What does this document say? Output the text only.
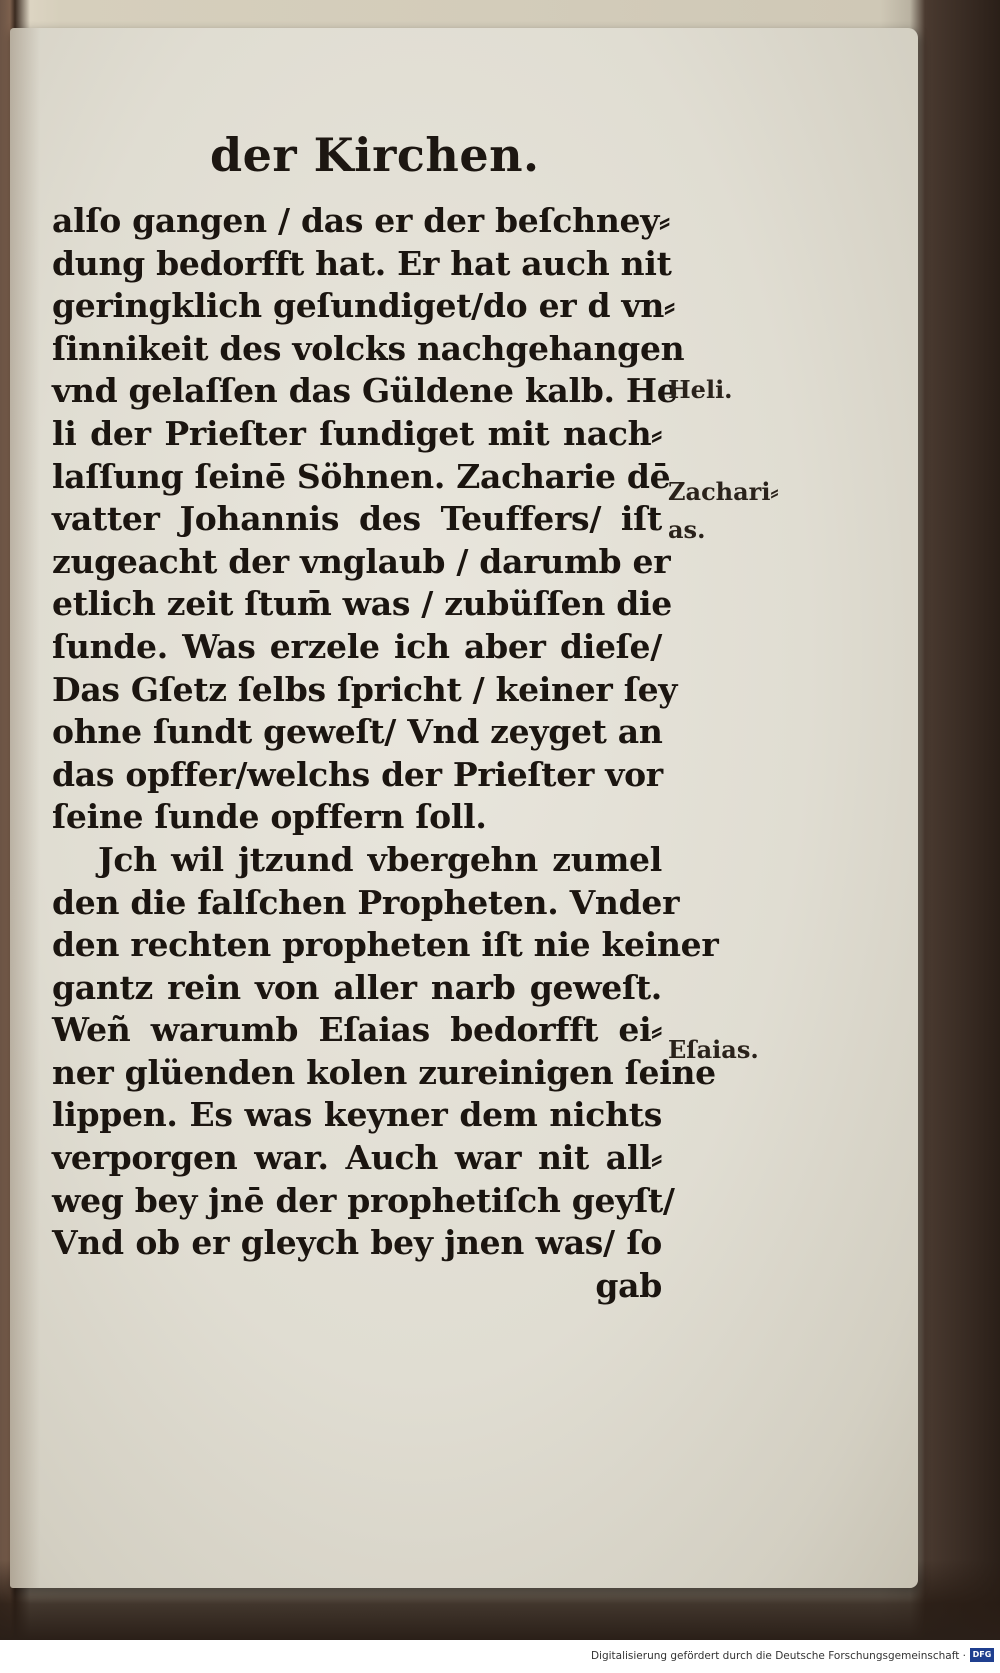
der Kirchen.
alſo gangen / das er der beſchney⸗
dung bedorfft hat. Er hat auch nit
geringklich geſundiget/do er d vn⸗
ſinnikeit des volcks nachgehangen
vnd gelaſſen das Güldene kalb. He
li der Prieſter ſundiget mit nach⸗
laſſung ſeinē Söhnen. Zacharie dē
vatter Johannis des Teuffers/ iſt
zugeacht der vnglaub / darumb er
etlich zeit ſtum̄ was / zubüſſen die
ſunde. Was erzele ich aber dieſe/
Das Gſetz ſelbs ſpricht / keiner ſey
ohne ſundt geweſt/ Vnd zeyget an
das opffer/welchs der Prieſter vor
ſeine ſunde opffern ſoll.
Jch wil jtzund vbergehn zumel
den die falſchen Propheten. Vnder
den rechten propheten iſt nie keiner
gantz rein von aller narb geweſt.
Weñ warumb Eſaias bedorfft ei⸗
ner glüenden kolen zureinigen ſeine
lippen. Es was keyner dem nichts
verporgen war. Auch war nit all⸗
weg bey jnē der prophetiſch geyſt/
Vnd ob er gleych bey jnen was/ ſo
gab
Heli.
Zachari⸗
as.
Eſaias.
Digitalisierung gefördert durch die Deutsche Forschungsgemeinschaft · DFG
